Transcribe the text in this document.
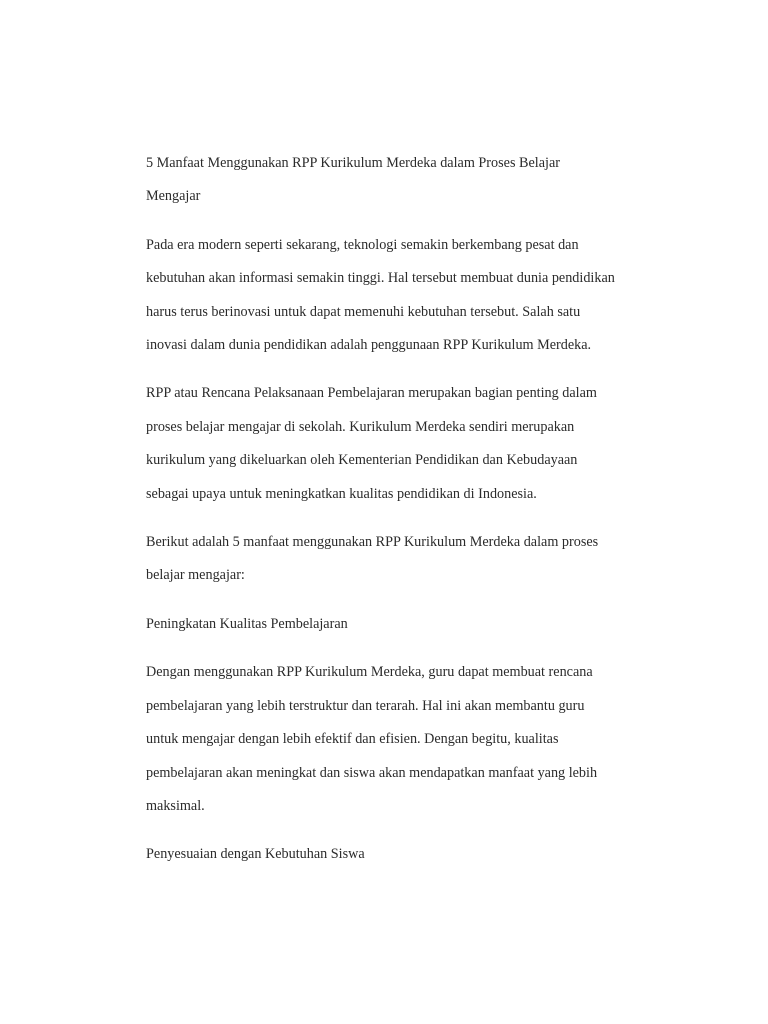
5 Manfaat Menggunakan RPP Kurikulum Merdeka dalam Proses Belajar
Mengajar
Pada era modern seperti sekarang, teknologi semakin berkembang pesat dan
kebutuhan akan informasi semakin tinggi. Hal tersebut membuat dunia pendidikan
harus terus berinovasi untuk dapat memenuhi kebutuhan tersebut. Salah satu
inovasi dalam dunia pendidikan adalah penggunaan RPP Kurikulum Merdeka.
RPP atau Rencana Pelaksanaan Pembelajaran merupakan bagian penting dalam
proses belajar mengajar di sekolah. Kurikulum Merdeka sendiri merupakan
kurikulum yang dikeluarkan oleh Kementerian Pendidikan dan Kebudayaan
sebagai upaya untuk meningkatkan kualitas pendidikan di Indonesia.
Berikut adalah 5 manfaat menggunakan RPP Kurikulum Merdeka dalam proses
belajar mengajar:
Peningkatan Kualitas Pembelajaran
Dengan menggunakan RPP Kurikulum Merdeka, guru dapat membuat rencana
pembelajaran yang lebih terstruktur dan terarah. Hal ini akan membantu guru
untuk mengajar dengan lebih efektif dan efisien. Dengan begitu, kualitas
pembelajaran akan meningkat dan siswa akan mendapatkan manfaat yang lebih
maksimal.
Penyesuaian dengan Kebutuhan Siswa
